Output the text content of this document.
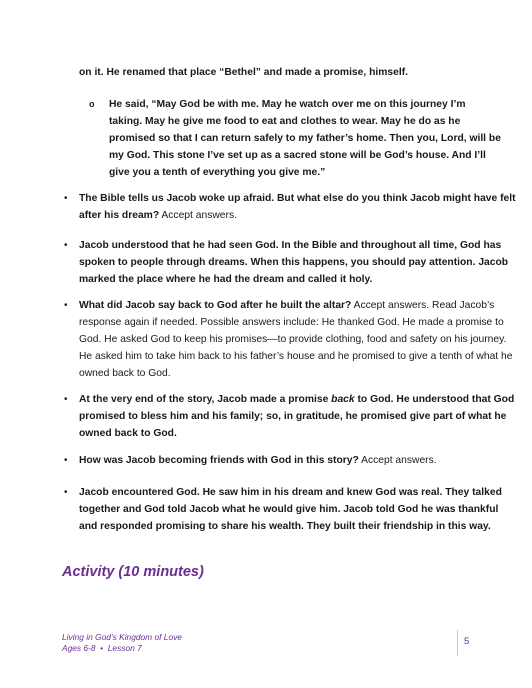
on it. He renamed that place “Bethel” and made a promise, himself.
o He said, “May God be with me. May he watch over me on this journey I’m taking. May he give me food to eat and clothes to wear. May he do as he promised so that I can return safely to my father’s home. Then you, Lord, will be my God. This stone I’ve set up as a sacred stone will be God’s house. And I’ll give you a tenth of everything you give me.”
• The Bible tells us Jacob woke up afraid. But what else do you think Jacob might have felt after his dream? Accept answers.
• Jacob understood that he had seen God. In the Bible and throughout all time, God has spoken to people through dreams. When this happens, you should pay attention. Jacob marked the place where he had the dream and called it holy.
• What did Jacob say back to God after he built the altar? Accept answers. Read Jacob’s response again if needed. Possible answers include: He thanked God. He made a promise to God. He asked God to keep his promises—to provide clothing, food and safety on his journey. He asked him to take him back to his father’s house and he promised to give a tenth of what he owned back to God.
• At the very end of the story, Jacob made a promise back to God. He understood that God promised to bless him and his family; so, in gratitude, he promised give part of what he owned back to God.
• How was Jacob becoming friends with God in this story? Accept answers.
• Jacob encountered God. He saw him in his dream and knew God was real. They talked together and God told Jacob what he would give him. Jacob told God he was thankful and responded promising to share his wealth. They built their friendship in this way.
Activity (10 minutes)
Living in God’s Kingdom of Love
Ages 6-8  •  Lesson 7
5
